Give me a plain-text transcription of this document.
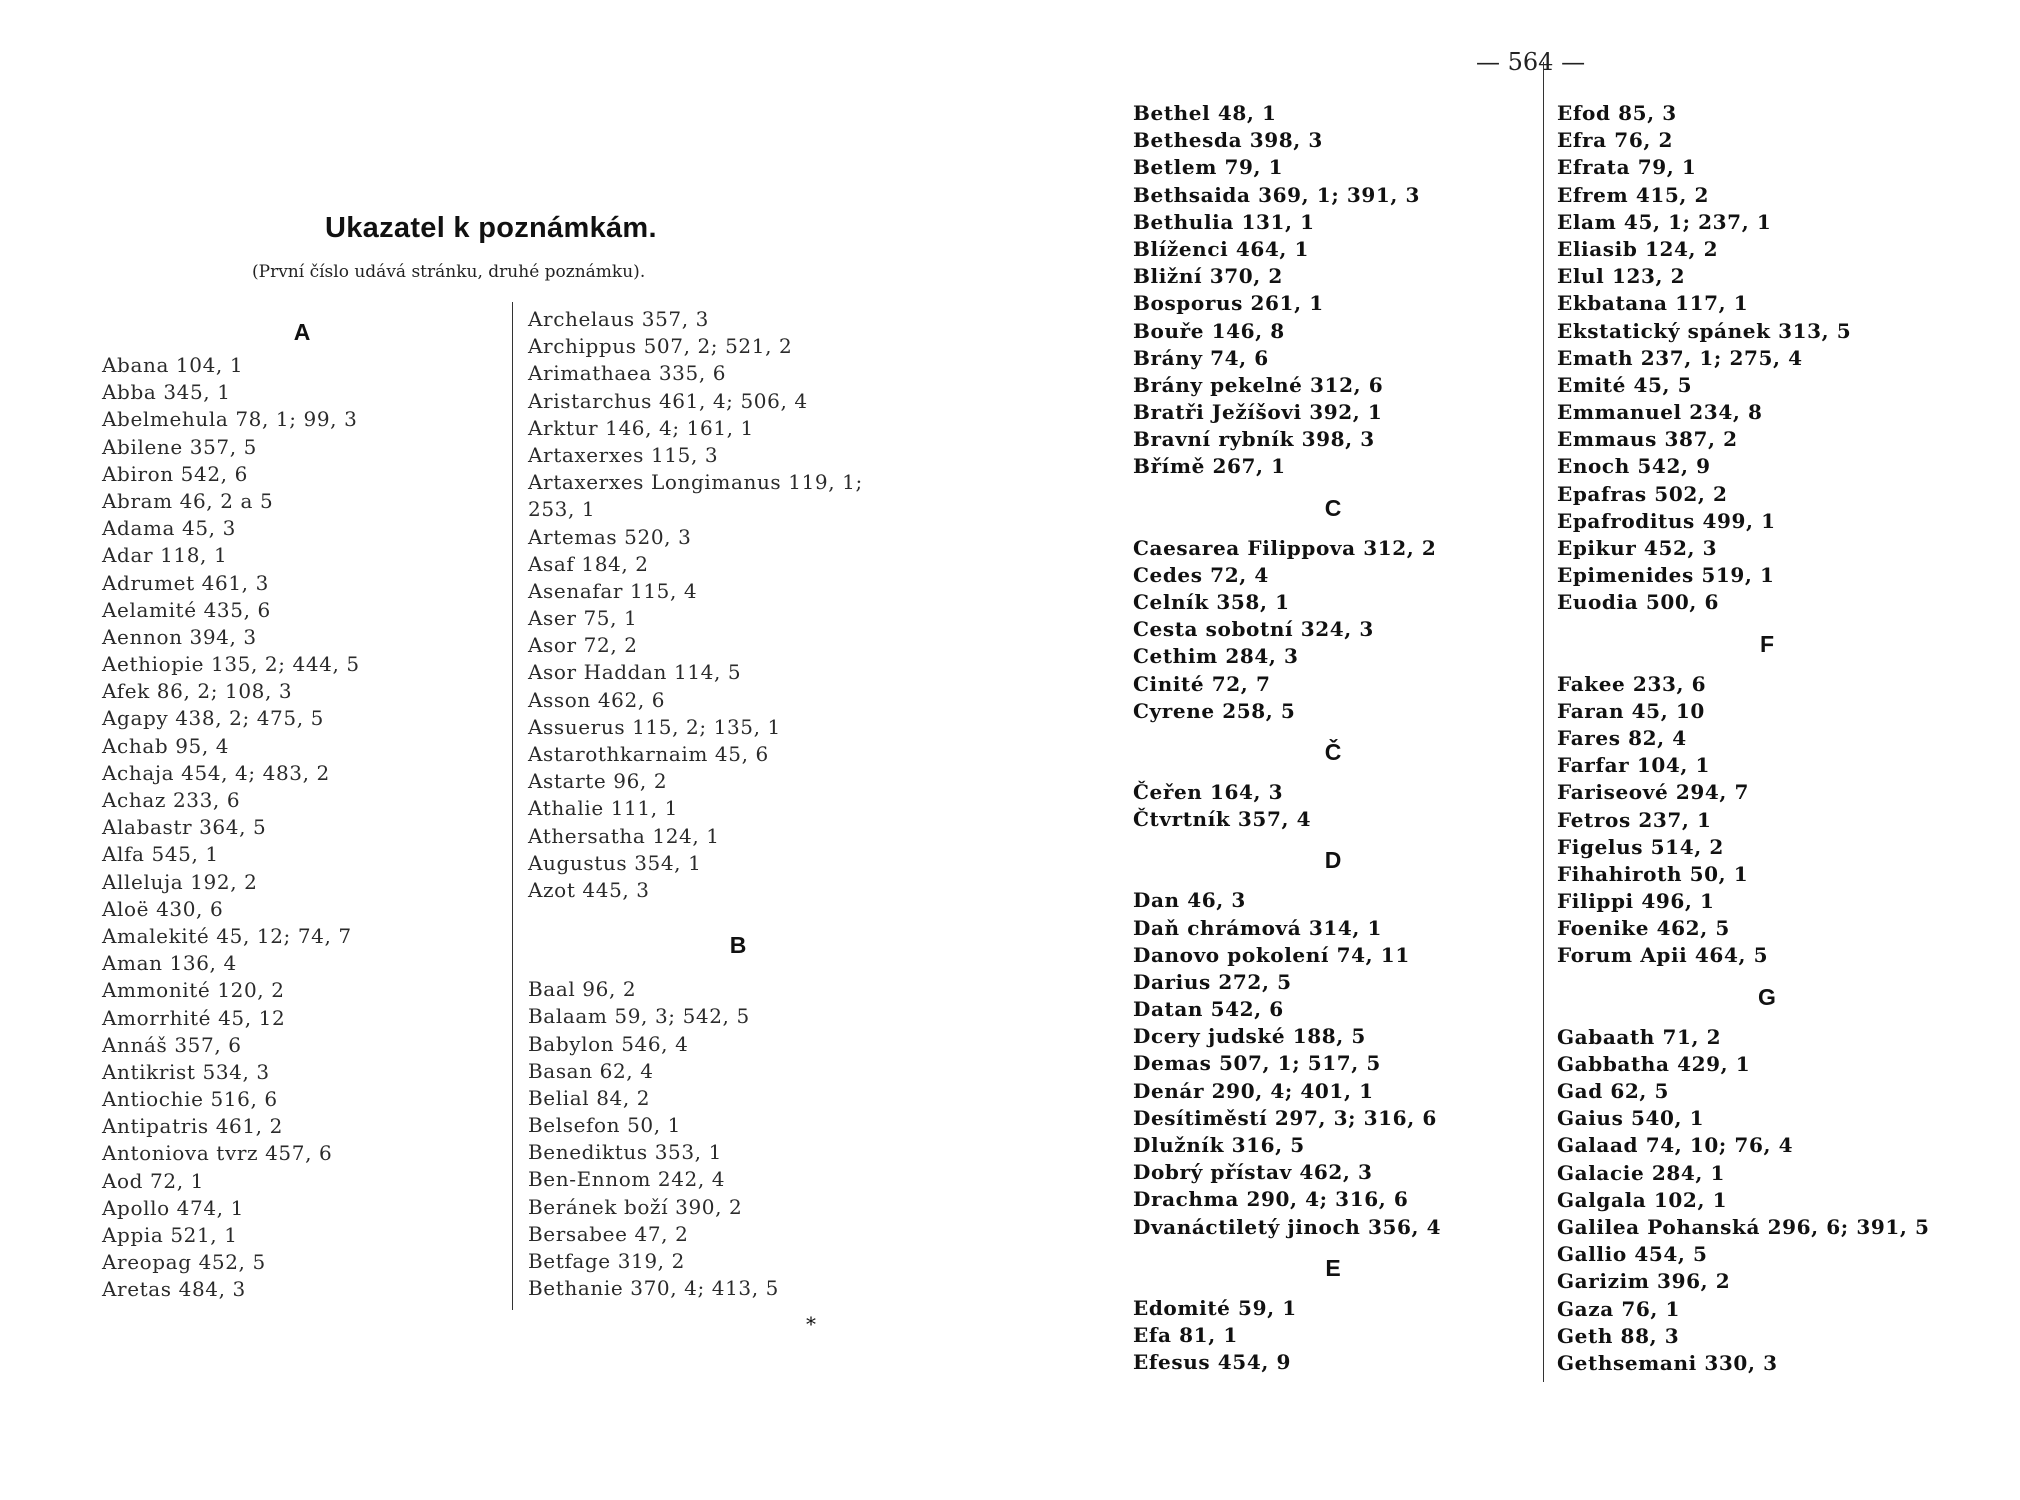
Ukazatel k poznámkám.
(První číslo udává stránku, druhé poznámku).
A
Abana 104, 1
Abba 345, 1
Abelmehula 78, 1; 99, 3
Abilene 357, 5
Abiron 542, 6
Abram 46, 2 a 5
Adama 45, 3
Adar 118, 1
Adrumet 461, 3
Aelamité 435, 6
Aennon 394, 3
Aethiopie 135, 2; 444, 5
Afek 86, 2; 108, 3
Agapy 438, 2; 475, 5
Achab 95, 4
Achaja 454, 4; 483, 2
Achaz 233, 6
Alabastr 364, 5
Alfa 545, 1
Alleluja 192, 2
Aloë 430, 6
Amalekité 45, 12; 74, 7
Aman 136, 4
Ammonité 120, 2
Amorrhité 45, 12
Annáš 357, 6
Antikrist 534, 3
Antiochie 516, 6
Antipatris 461, 2
Antoniova tvrz 457, 6
Aod 72, 1
Apollo 474, 1
Appia 521, 1
Areopag 452, 5
Aretas 484, 3
Archelaus 357, 3
Archippus 507, 2; 521, 2
Arimathaea 335, 6
Aristarchus 461, 4; 506, 4
Arktur 146, 4; 161, 1
Artaxerxes 115, 3
Artaxerxes Longimanus 119, 1;
253, 1
Artemas 520, 3
Asaf 184, 2
Asenafar 115, 4
Aser 75, 1
Asor 72, 2
Asor Haddan 114, 5
Asson 462, 6
Assuerus 115, 2; 135, 1
Astarothkarnaim 45, 6
Astarte 96, 2
Athalie 111, 1
Athersatha 124, 1
Augustus 354, 1
Azot 445, 3
B
Baal 96, 2
Balaam 59, 3; 542, 5
Babylon 546, 4
Basan 62, 4
Belial 84, 2
Belsefon 50, 1
Benediktus 353, 1
Ben-Ennom 242, 4
Beránek boží 390, 2
Bersabee 47, 2
Betfage 319, 2
Bethanie 370, 4; 413, 5
*
— 564 —
Bethel 48, 1
Bethesda 398, 3
Betlem 79, 1
Bethsaida 369, 1; 391, 3
Bethulia 131, 1
Blíženci 464, 1
Bližní 370, 2
Bosporus 261, 1
Bouře 146, 8
Brány 74, 6
Brány pekelné 312, 6
Bratři Ježíšovi 392, 1
Bravní rybník 398, 3
Břímě 267, 1
C
Caesarea Filippova 312, 2
Cedes 72, 4
Celník 358, 1
Cesta sobotní 324, 3
Cethim 284, 3
Cinité 72, 7
Cyrene 258, 5
Č
Čeřen 164, 3
Čtvrtník 357, 4
D
Dan 46, 3
Daň chrámová 314, 1
Danovo pokolení 74, 11
Darius 272, 5
Datan 542, 6
Dcery judské 188, 5
Demas 507, 1; 517, 5
Denár 290, 4; 401, 1
Desítiměstí 297, 3; 316, 6
Dlužník 316, 5
Dobrý přístav 462, 3
Drachma 290, 4; 316, 6
Dvanáctiletý jinoch 356, 4
E
Edomité 59, 1
Efa 81, 1
Efesus 454, 9
Efod 85, 3
Efra 76, 2
Efrata 79, 1
Efrem 415, 2
Elam 45, 1; 237, 1
Eliasib 124, 2
Elul 123, 2
Ekbatana 117, 1
Ekstatický spánek 313, 5
Emath 237, 1; 275, 4
Emité 45, 5
Emmanuel 234, 8
Emmaus 387, 2
Enoch 542, 9
Epafras 502, 2
Epafroditus 499, 1
Epikur 452, 3
Epimenides 519, 1
Euodia 500, 6
F
Fakee 233, 6
Faran 45, 10
Fares 82, 4
Farfar 104, 1
Fariseové 294, 7
Fetros 237, 1
Figelus 514, 2
Fihahiroth 50, 1
Filippi 496, 1
Foenike 462, 5
Forum Apii 464, 5
G
Gabaath 71, 2
Gabbatha 429, 1
Gad 62, 5
Gaius 540, 1
Galaad 74, 10; 76, 4
Galacie 284, 1
Galgala 102, 1
Galilea Pohanská 296, 6; 391, 5
Gallio 454, 5
Garizim 396, 2
Gaza 76, 1
Geth 88, 3
Gethsemani 330, 3
